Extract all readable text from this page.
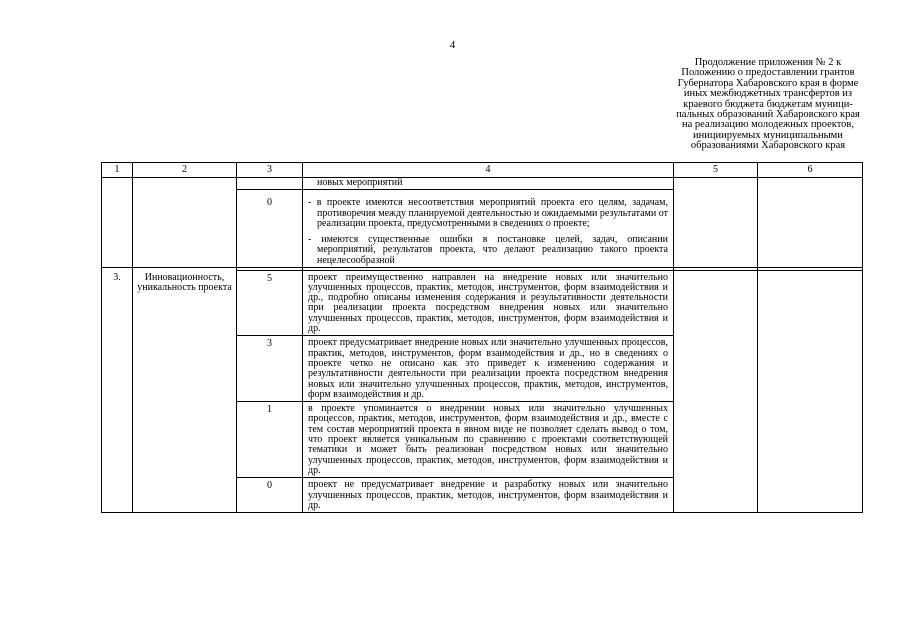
4
Продолжение приложения № 2 к
Положению о предоставлении грантов
Губернатора Хабаровского края в форме
иных межбюджетных трансфертов из
краевого бюджета бюджетам муници-
пальных образований Хабаровского края
на реализацию молодежных проектов,
инициируемых муниципальными
образованиями Хабаровского края
1	2	3	4	5	6
			новых мероприятий		
		0	- в проекте имеются несоответствия мероприятий проекта его целям, задачам, противоречия между планируемой деятельностью и ожидаемыми результатами от реализации проекта, предусмотренными в сведениях о проекте;

- имеются существенные ошибки в постановке целей, задач, описании мероприятий, результатов проекта, что делают реализацию такого проекта нецелесообразной		

3.	Инновационность, уникальность проекта	5	проект преимущественно направлен на внедрение новых или значительно улучшенных процессов, практик, методов, инструментов, форм взаимодействия и др., подробно описаны изменения содержания и результативности деятельности при реализации проекта посредством внедрения новых или значительно улучшенных процессов, практик, методов, инструментов, форм взаимодействия и др.		
		3	проект предусматривает внедрение новых или значительно улучшенных процессов, практик, методов, инструментов, форм взаимодействия и др., но в сведениях о проекте четко не описано как это приведет к изменению содержания и результативности деятельности при реализации проекта посредством внедрения новых или значительно улучшенных процессов, практик, методов, инструментов, форм взаимодействия и др.		
		1	в проекте упоминается о внедрении новых или значительно улучшенных процессов, практик, методов, инструментов, форм взаимодействия и др., вместе с тем состав мероприятий проекта в явном виде не позволяет сделать вывод о том, что проект является уникальным по сравнению с проектами соответствующей тематики и может быть реализован посредством новых или значительно улучшенных процессов, практик, методов, инструментов, форм взаимодействия и др.		
		0	проект не предусматривает внедрение и разработку новых или значительно улучшенных процессов, практик, методов, инструментов, форм взаимодействия и др.		
